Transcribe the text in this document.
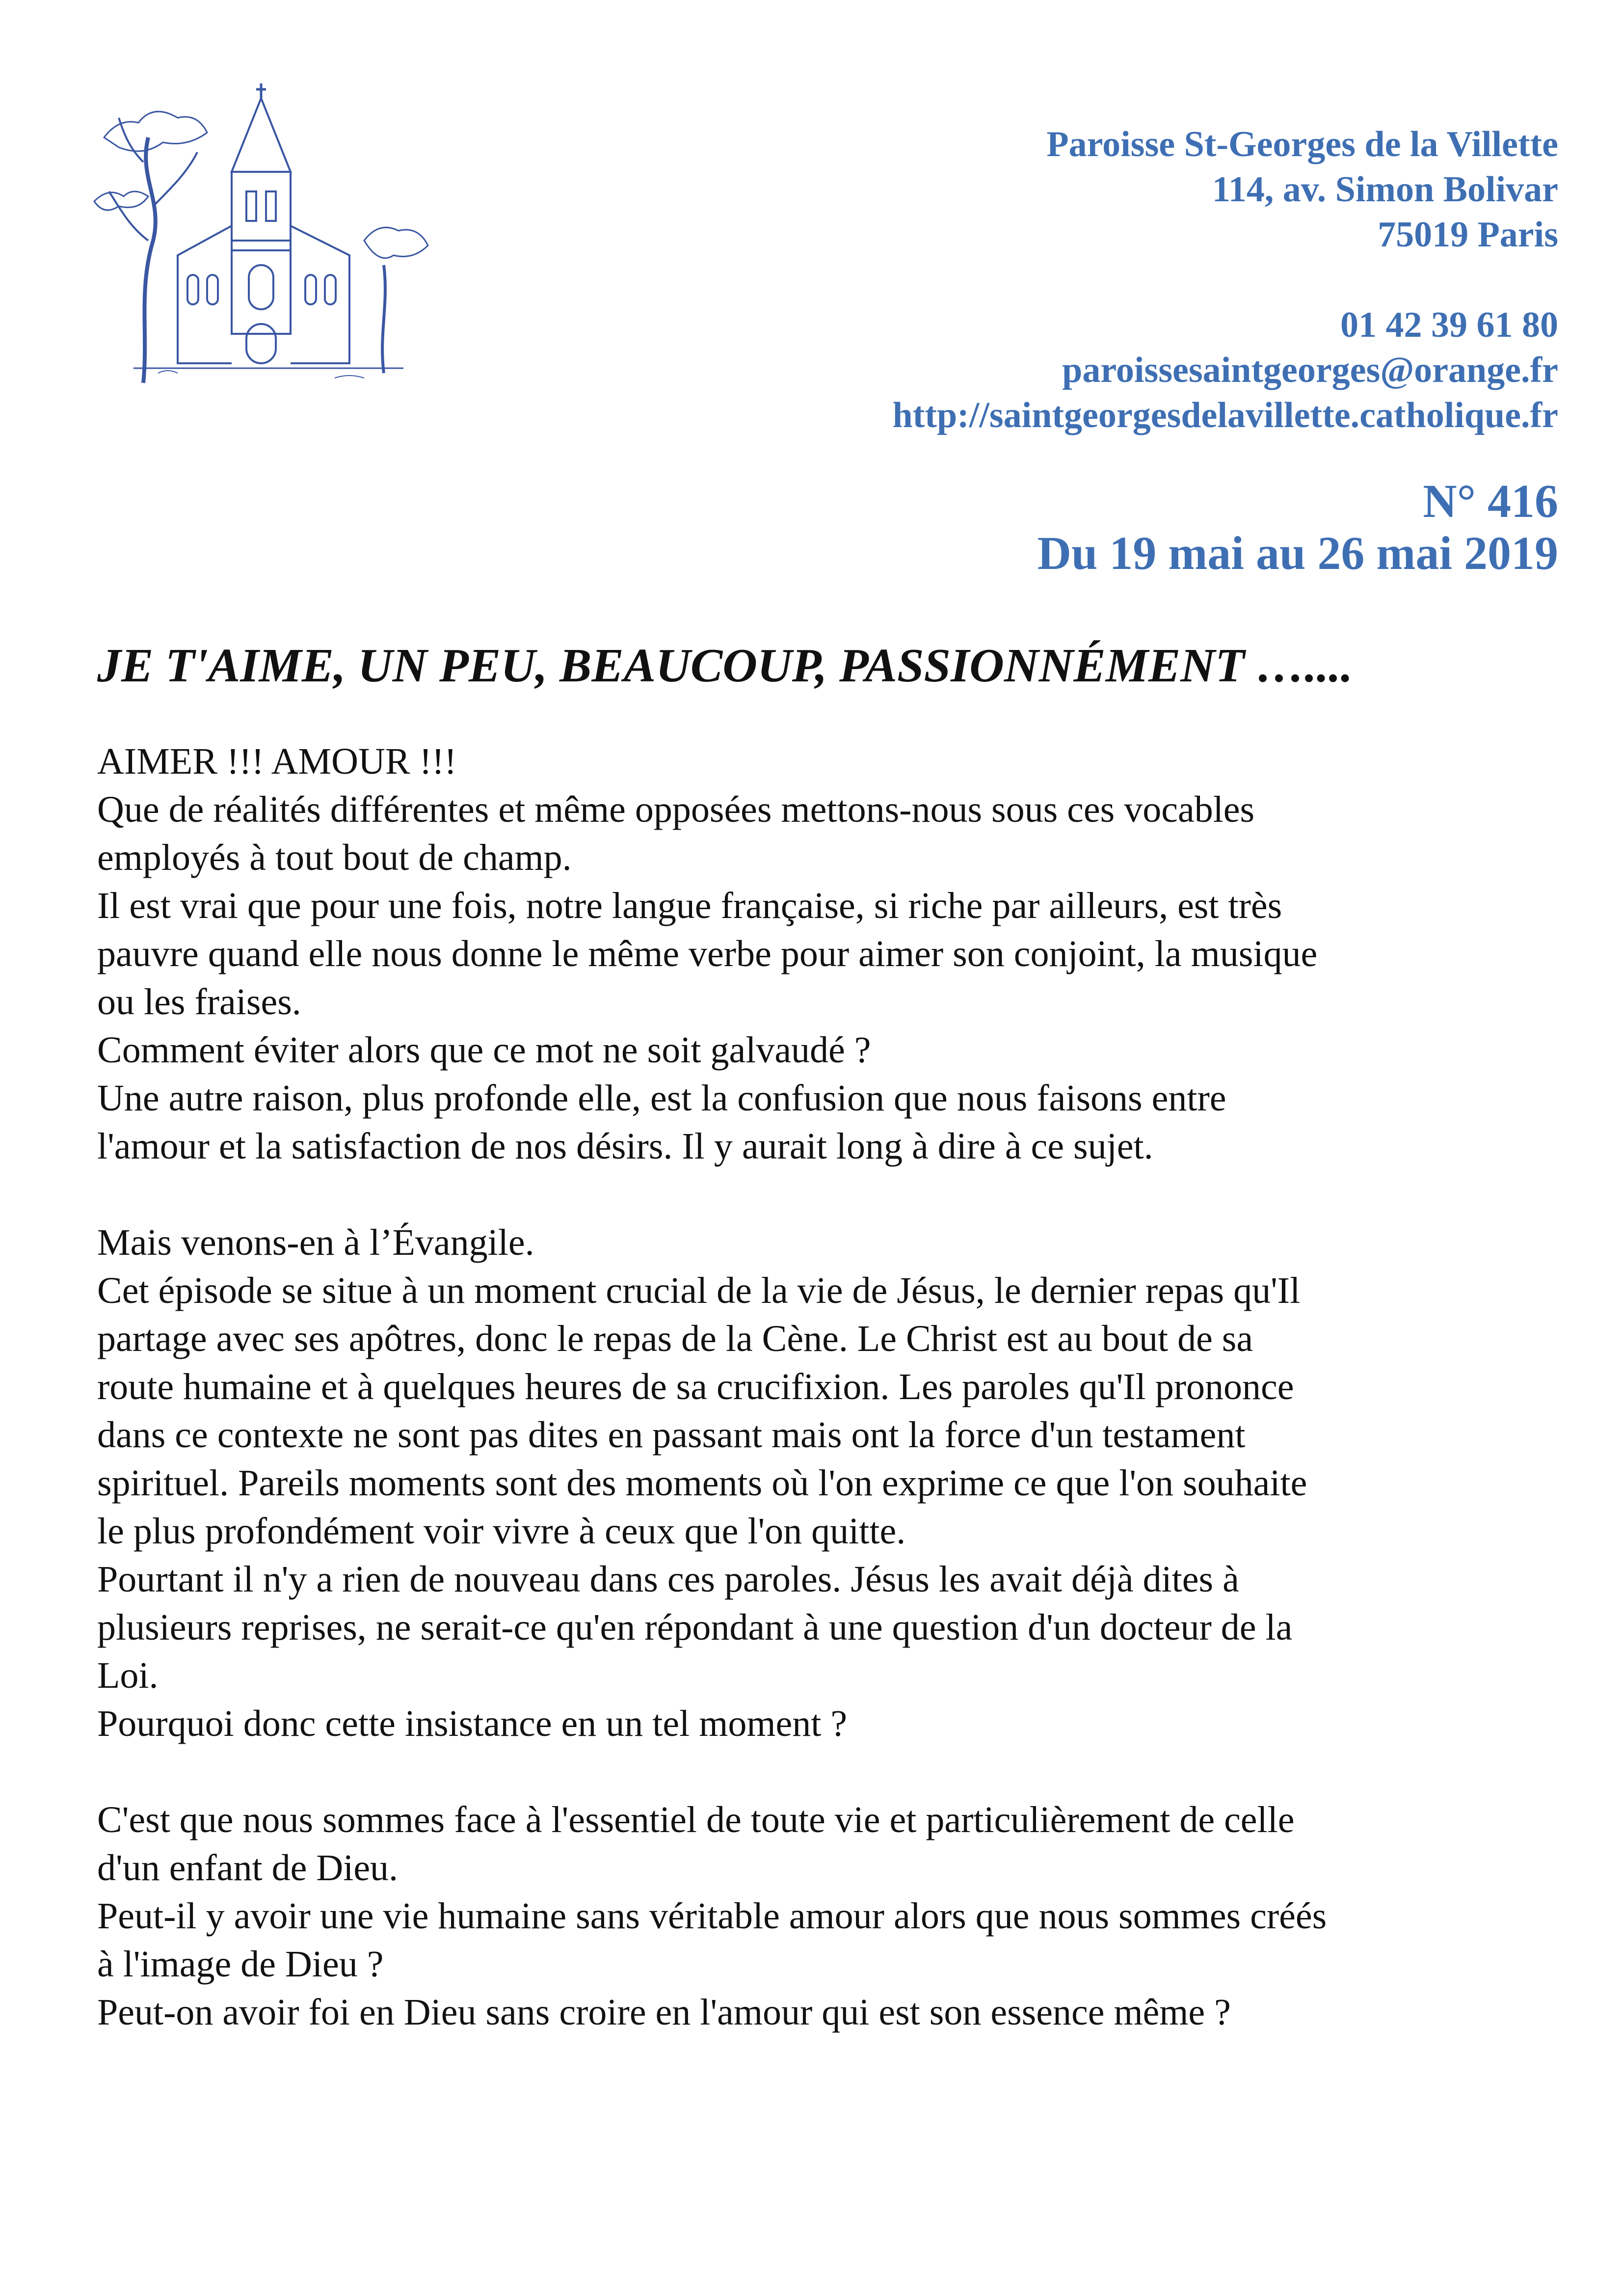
Paroisse St-Georges de la Villette
114, av. Simon Bolivar
75019 Paris
01 42 39 61 80
paroissesaintgeorges@orange.fr
http://saintgeorgesdelavillette.catholique.fr
N° 416
Du 19 mai au 26 mai 2019
JE T'AIME, UN PEU, BEAUCOUP, PASSIONNÉMENT …....
AIMER !!! AMOUR !!!
Que de réalités différentes et même opposées mettons-nous sous ces vocables
employés à tout bout de champ.
Il est vrai que pour une fois, notre langue française, si riche par ailleurs, est très
pauvre quand elle nous donne le même verbe pour aimer son conjoint, la musique
ou les fraises.
Comment éviter alors que ce mot ne soit galvaudé ?
Une autre raison, plus profonde elle, est la confusion que nous faisons entre
l'amour et la satisfaction de nos désirs. Il y aurait long à dire à ce sujet.
Mais venons-en à l’Évangile.
Cet épisode se situe à un moment crucial de la vie de Jésus, le dernier repas qu'Il
partage avec ses apôtres, donc le repas de la Cène. Le Christ est au bout de sa
route humaine et à quelques heures de sa crucifixion. Les paroles qu'Il prononce
dans ce contexte ne sont pas dites en passant mais ont la force d'un testament
spirituel. Pareils moments sont des moments où l'on exprime ce que l'on souhaite
le plus profondément voir vivre à ceux que l'on quitte.
Pourtant il n'y a rien de nouveau dans ces paroles. Jésus les avait déjà dites à
plusieurs reprises, ne serait-ce qu'en répondant à une question d'un docteur de la
Loi.
Pourquoi donc cette insistance en un tel moment ?
C'est que nous sommes face à l'essentiel de toute vie et particulièrement de celle
d'un enfant de Dieu.
Peut-il y avoir une vie humaine sans véritable amour alors que nous sommes créés
à l'image de Dieu ?
Peut-on avoir foi en Dieu sans croire en l'amour qui est son essence même ?
